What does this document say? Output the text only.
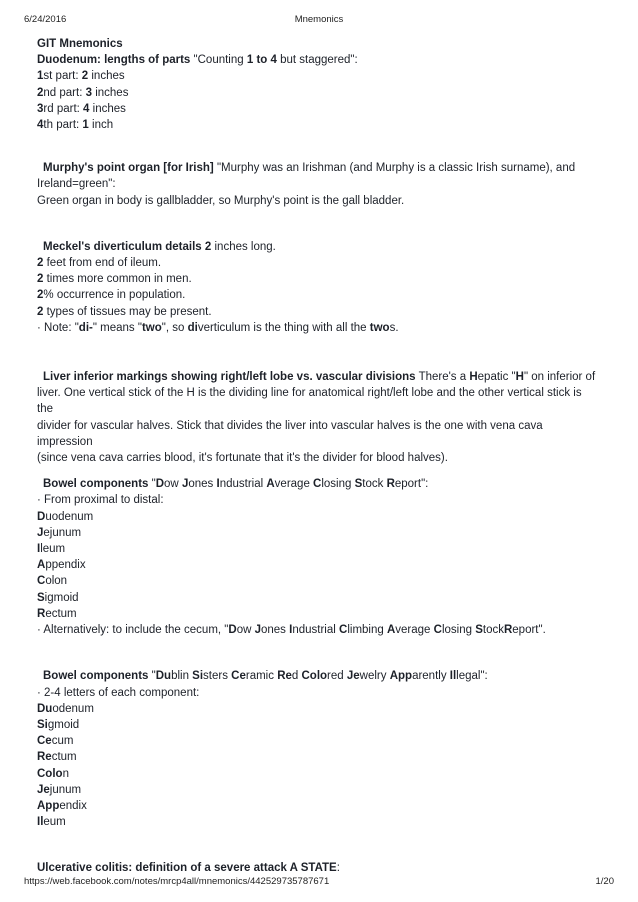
6/24/2016	Mnemonics
GIT Mnemonics
Duodenum: lengths of parts "Counting 1 to 4 but staggered":
1st part: 2 inches
2nd part: 3 inches
3rd part: 4 inches
4th part: 1 inch
Murphy's point organ [for Irish] "Murphy was an Irishman (and Murphy is a classic Irish surname), and
Ireland=green":
Green organ in body is gallbladder, so Murphy's point is the gall bladder.
Meckel's diverticulum details 2 inches long.
2 feet from end of ileum.
2 times more common in men.
2% occurrence in population.
2 types of tissues may be present.
· Note: "di-" means "two", so diverticulum is the thing with all the twos.
Liver inferior markings showing right/left lobe vs. vascular divisions There's a Hepatic "H" on inferior of
liver. One vertical stick of the H is the dividing line for anatomical right/left lobe and the other vertical stick is the
divider for vascular halves. Stick that divides the liver into vascular halves is the one with vena cava impression
(since vena cava carries blood, it's fortunate that it's the divider for blood halves).
Bowel components "Dow Jones Industrial Average Closing Stock Report":
· From proximal to distal:
Duodenum
Jejunum
Ileum
Appendix
Colon
Sigmoid
Rectum
· Alternatively: to include the cecum, "Dow Jones Industrial Climbing Average Closing StockReport".
Bowel components "Dublin Sisters Ceramic Red Colored Jewelry Apparently Illegal":
· 2-4 letters of each component:
Duodenum
Sigmoid
Cecum
Rectum
Colon
Jejunum
Appendix
Ileum
Ulcerative colitis: definition of a severe attack A STATE:
https://web.facebook.com/notes/mrcp4all/mnemonics/442529735787671	1/20
